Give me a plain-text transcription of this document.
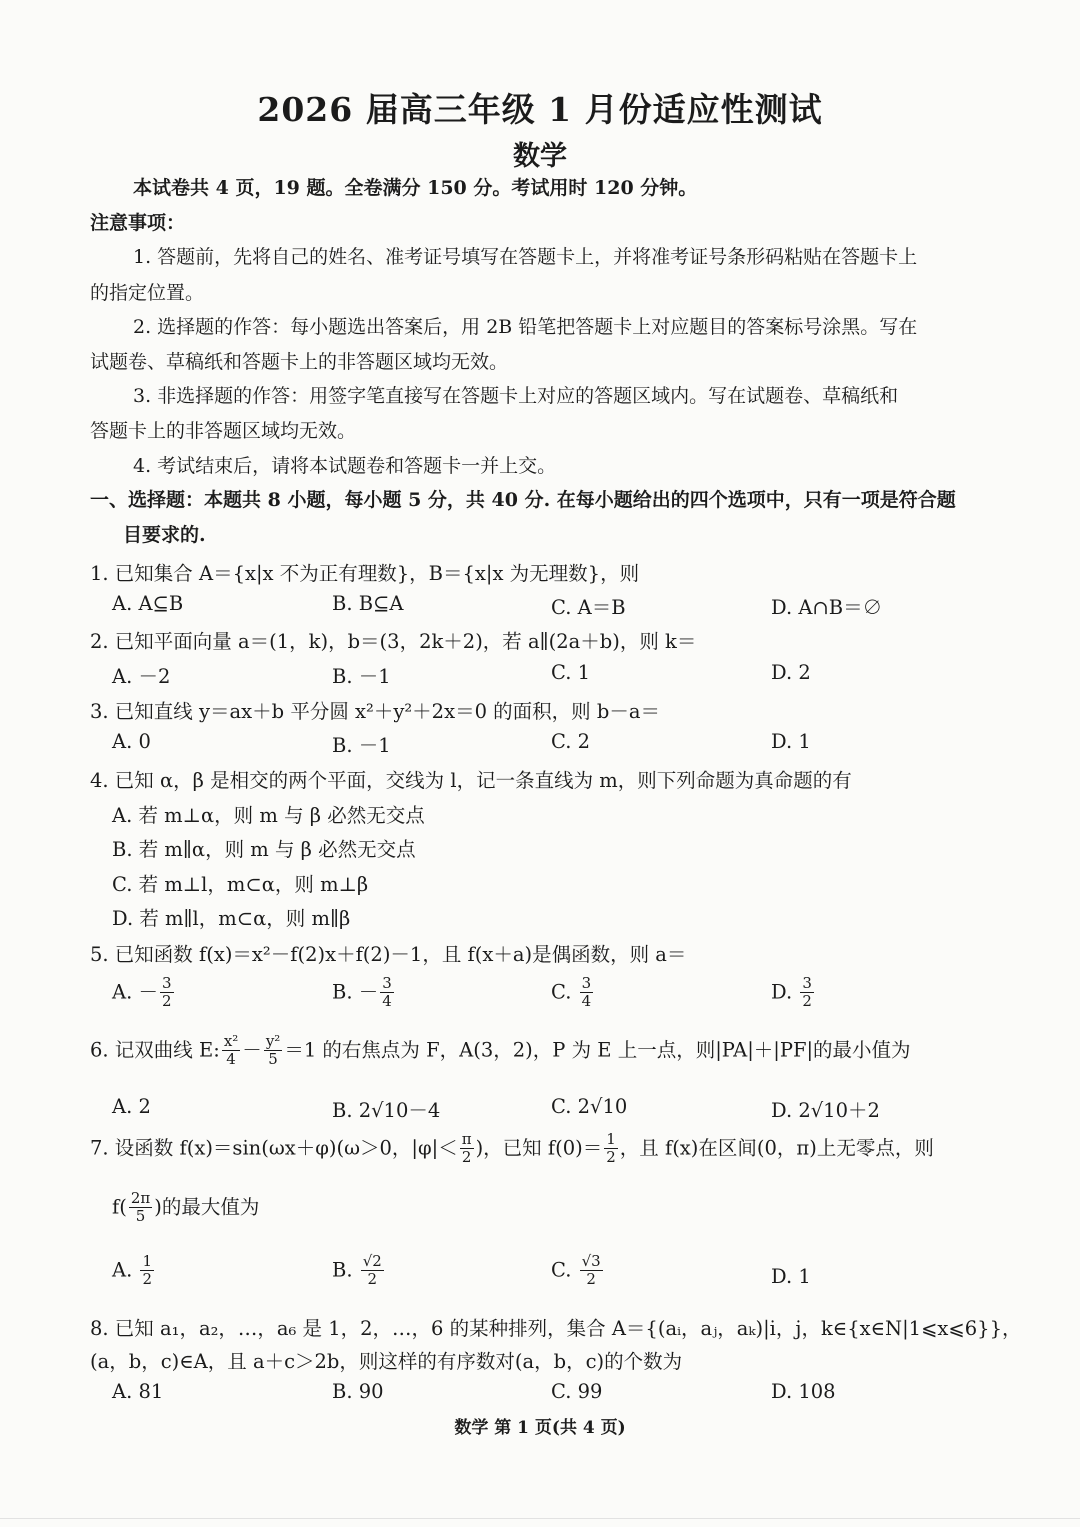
2026 届高三年级 1 月份适应性测试
数学
本试卷共 4 页，19 题。全卷满分 150 分。考试用时 120 分钟。
注意事项：
1. 答题前，先将自己的姓名、准考证号填写在答题卡上，并将准考证号条形码粘贴在答题卡上
的指定位置。
2. 选择题的作答：每小题选出答案后，用 2B 铅笔把答题卡上对应题目的答案标号涂黑。写在
试题卷、草稿纸和答题卡上的非答题区域均无效。
3. 非选择题的作答：用签字笔直接写在答题卡上对应的答题区域内。写在试题卷、草稿纸和
答题卡上的非答题区域均无效。
4. 考试结束后，请将本试题卷和答题卡一并上交。
一、选择题：本题共 8 小题，每小题 5 分，共 40 分. 在每小题给出的四个选项中，只有一项是符合题
目要求的.
1. 已知集合 A＝{x|x 不为正有理数}，B＝{x|x 为无理数}，则
A. A⊆B	B. B⊆A	C. A＝B	D. A∩B＝∅
2. 已知平面向量 a＝(1，k)，b＝(3，2k＋2)，若 a∥(2a＋b)，则 k＝
A. －2	B. －1	C. 1	D. 2
3. 已知直线 y＝ax＋b 平分圆 x²＋y²＋2x＝0 的面积，则 b－a＝
A. 0	B. －1	C. 2	D. 1
4. 已知 α，β 是相交的两个平面，交线为 l，记一条直线为 m，则下列命题为真命题的有
A. 若 m⊥α，则 m 与 β 必然无交点
B. 若 m∥α，则 m 与 β 必然无交点
C. 若 m⊥l，m⊂α，则 m⊥β
D. 若 m∥l，m⊂α，则 m∥β
5. 已知函数 f(x)＝x²－f(2)x＋f(2)－1，且 f(x＋a)是偶函数，则 a＝
A. － $\frac{3}{2}$	B. － $\frac{3}{4}$	C. $\frac{3}{4}$	D. $\frac{3}{2}$
6. 记双曲线 E: $\frac{\text{x²}}{4} - \frac{\text{y²}}{5} =1$ 的右焦点为 F，A(3，2)，P 为 E 上一点，则|PA|＋|PF|的最小值为
A. 2	B. 2√10－4	C. 2√10	D. 2√10＋2
7. 设函数 f(x)＝sin(ωx＋φ)(ω＞0，$|\varphi|< \frac{\pi}{2}$ )，已知 $f(0)= \frac{1}{2}$ ，且 f(x)在区间(0，π)上无零点，则
$f( \frac{2\pi}{5}$ )的最大值为
A. $\frac{1}{2}$	B. $\frac{√2}{2}$	C. $\frac{√3}{2}$	D. 1
8. 已知 a₁，a₂，…，a₆ 是 1，2，…，6 的某种排列，集合 A＝{(aᵢ，aⱼ，aₖ)|i，j，k∈{x∈N|1⩽x⩽6}}，
(a，b，c)∈A，且 a＋c＞2b，则这样的有序数对(a，b，c)的个数为
A. 81	B. 90	C. 99	D. 108
数学 第 1 页(共 4 页)
